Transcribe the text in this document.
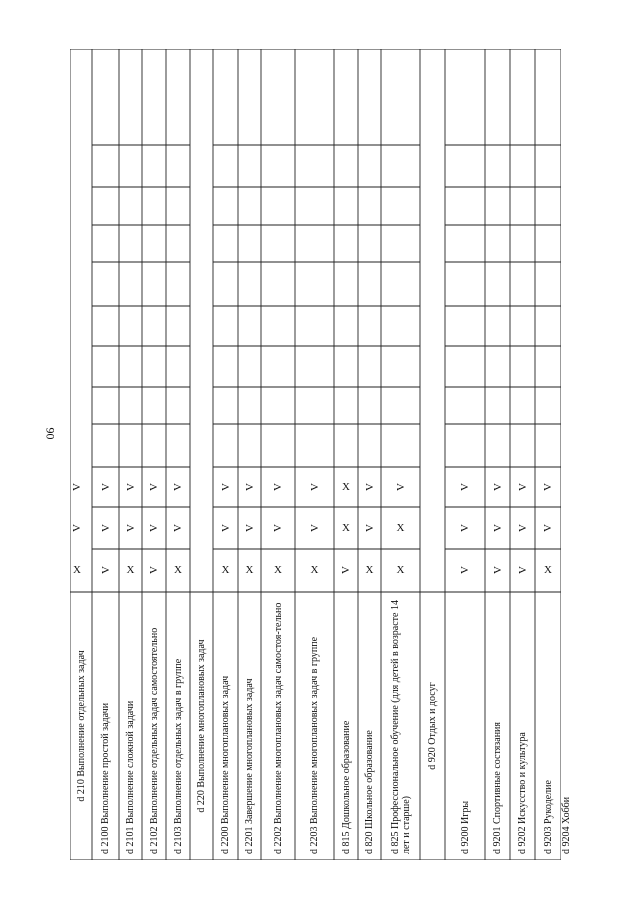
90
d 210 Выполнение отдельных задач
d 2100 Выполнение простой задачи
V
V
V
d 2101 Выполнение сложной задачи
X
V
V
d 2102 Выполнение отдельных задач самостоятельно
V
V
V
d 2103 Выполнение отдельных задач в группе
X
V
V
d 220 Выполнение многоплановых задач
d 2200 Выполнение многоплановых задач
X
V
V
d 2201 Завершение многоплановых задач
X
V
V
d 2202 Выполнение многоплановых задач самостоя-тельно
X
V
V
d 2203 Выполнение многоплановых задач в группе
X
V
V
d 815 Дошкольное образование
V
X
X
d 820 Школьное образование
X
V
V
d 825 Профессиональное обучение (для детей в возрасте 14 лет и старше)
X
X
V
d 920 Отдых и досуг
d 9200 Игры
V
V
V
d 9201 Спортивные состязания
V
V
V
d 9202 Искусство и культура
V
V
V
d 9203 Рукоделие
X
V
V
d 9204 Хобби
X
V
V
